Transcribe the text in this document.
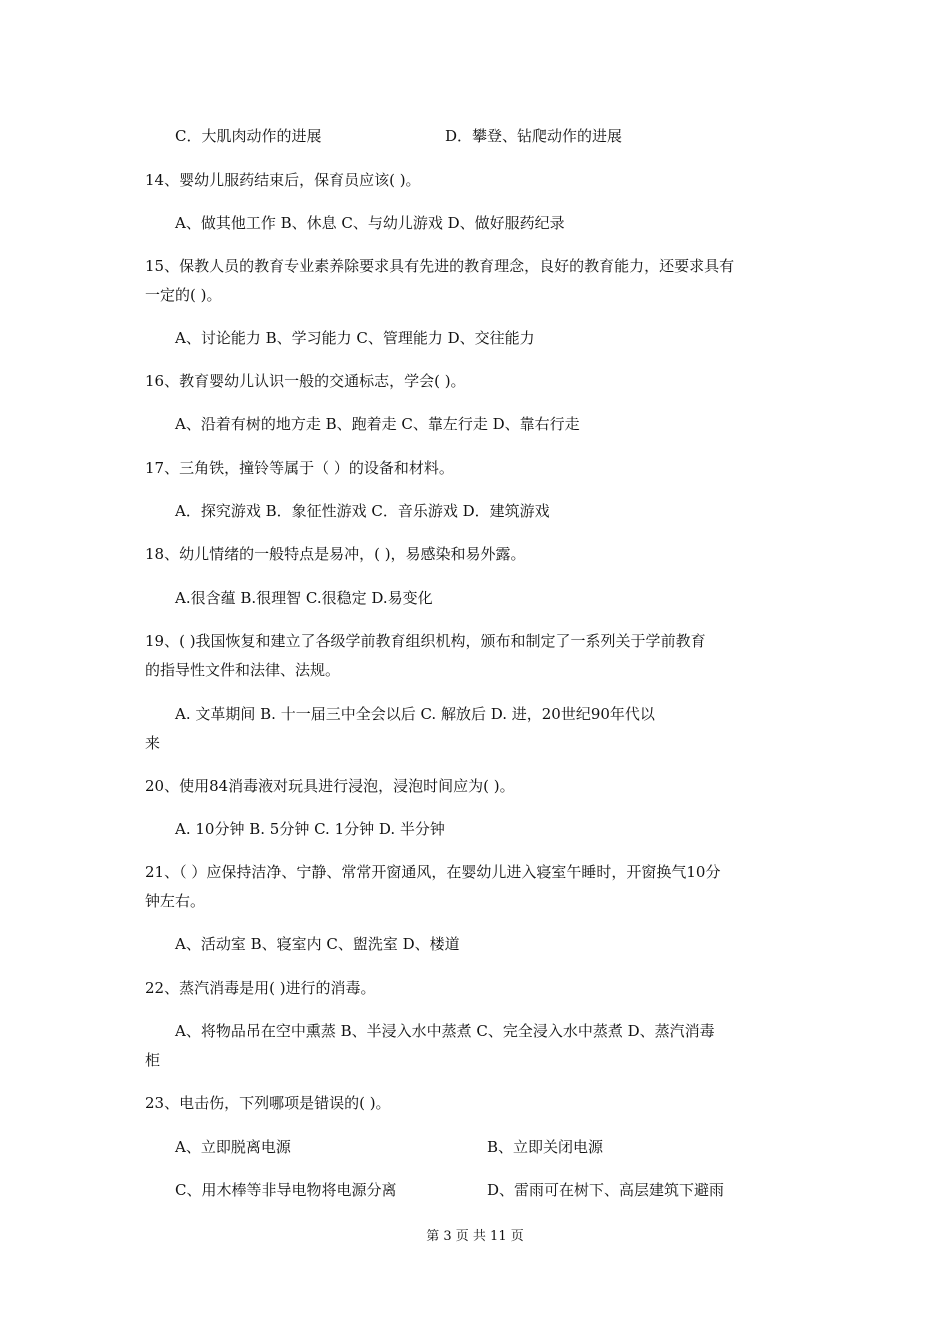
C．大肌肉动作的进展	D．攀登、钻爬动作的进展

14、婴幼儿服药结束后，保育员应该( )。

A、做其他工作 B、休息 C、与幼儿游戏 D、做好服药纪录

15、保教人员的教育专业素养除要求具有先进的教育理念，良好的教育能力，还要求具有

一定的( )。

A、讨论能力 B、学习能力 C、管理能力 D、交往能力

16、教育婴幼儿认识一般的交通标志，学会( )。

A、沿着有树的地方走 B、跑着走 C、靠左行走 D、靠右行走

17、三角铁，撞铃等属于（ ）的设备和材料。

A．探究游戏 B．象征性游戏 C．音乐游戏 D．建筑游戏

18、幼儿情绪的一般特点是易冲，( )，易感染和易外露。

A.很含蕴 B.很理智 C.很稳定 D.易变化

19、( )我国恢复和建立了各级学前教育组织机构，颁布和制定了一系列关于学前教育

的指导性文件和法律、法规。

A. 文革期间 B. 十一届三中全会以后 C. 解放后 D. 进，20世纪90年代以

来

20、使用84消毒液对玩具进行浸泡，浸泡时间应为( )。

A. 10分钟 B. 5分钟 C. 1分钟 D. 半分钟

21、（ ）应保持洁净、宁静、常常开窗通风，在婴幼儿进入寝室午睡时，开窗换气10分

钟左右。

A、活动室 B、寝室内 C、盥洗室 D、楼道

22、蒸汽消毒是用( )进行的消毒。

A、将物品吊在空中熏蒸 B、半浸入水中蒸煮 C、完全浸入水中蒸煮 D、蒸汽消毒

柜

23、电击伤，下列哪项是错误的( )。

A、立即脱离电源	B、立即关闭电源
C、用木棒等非导电物将电源分离	D、雷雨可在树下、高层建筑下避雨
第 3 页 共 11 页
